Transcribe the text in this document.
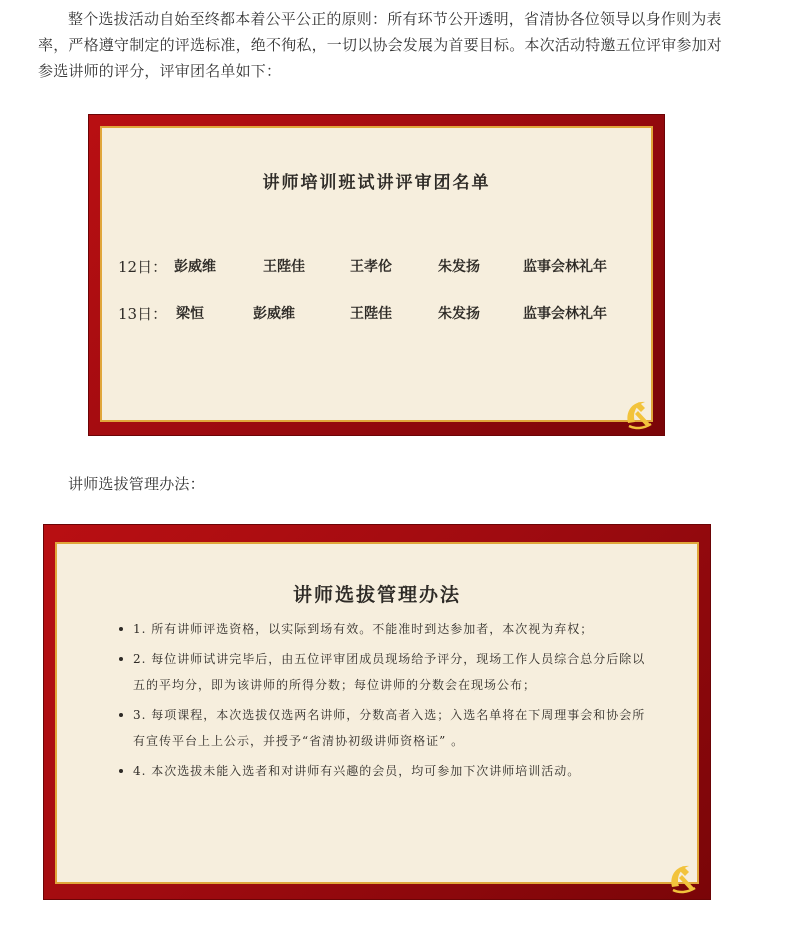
整个选拔活动自始至终都本着公平公正的原则：所有环节公开透明，省清协各位领导以身作则为表率，严格遵守制定的评选标准，绝不徇私，一切以协会发展为首要目标。本次活动特邀五位评审参加对参选讲师的评分，评审团名单如下：

讲师培训班试讲评审团名单
12日： 彭威维	王陛佳	王孝伦	朱发扬	监事会林礼年
13日： 梁恒	彭威维	王陛佳	朱发扬	监事会林礼年

讲师选拔管理办法：

讲师选拔管理办法
1. 所有讲师评选资格，以实际到场有效。不能准时到达参加者，本次视为弃权；
2. 每位讲师试讲完毕后，由五位评审团成员现场给予评分，现场工作人员综合总分后除以五的平均分，即为该讲师的所得分数；每位讲师的分数会在现场公布；
3. 每项课程，本次选拔仅选两名讲师，分数高者入选；入选名单将在下周理事会和协会所有宣传平台上上公示，并授予“省清协初级讲师资格证” 。
4. 本次选拔未能入选者和对讲师有兴趣的会员，均可参加下次讲师培训活动。
